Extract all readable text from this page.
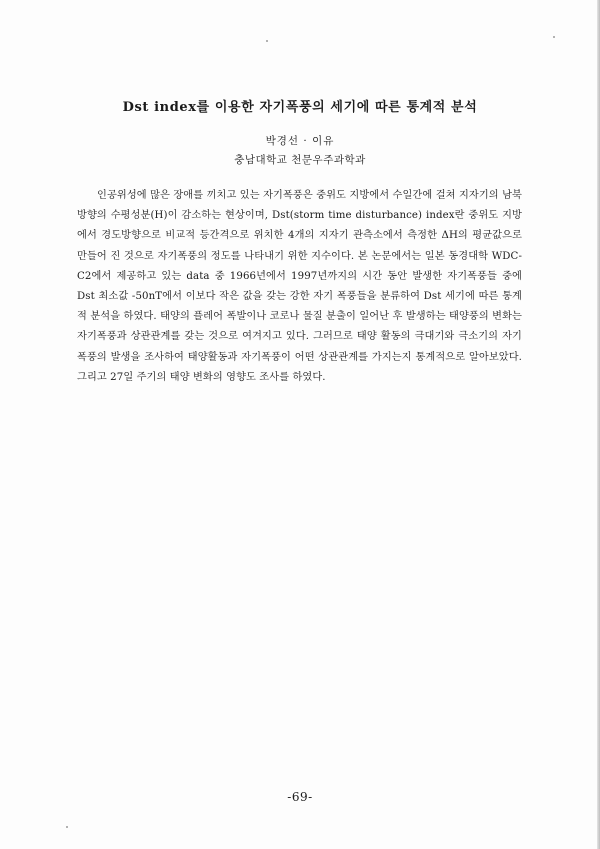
Dst index를 이용한 자기폭풍의 세기에 따른 통계적 분석
박경선 · 이유
충남대학교 천문우주과학과

인공위성에 많은 장애를 끼치고 있는 자기폭풍은 중위도 지방에서 수일간에 걸쳐 지자기의 남북방향의 수평성분(H)이 감소하는 현상이며, Dst(storm time disturbance) index란 중위도 지방에서 경도방향으로 비교적 등간격으로 위치한 4개의 지자기 관측소에서 측정한 ΔH의 평균값으로 만들어 진 것으로 자기폭풍의 정도를 나타내기 위한 지수이다. 본 논문에서는 일본 동경대학 WDC-C2에서 제공하고 있는 data 중 1966년에서 1997년까지의 시간 동안 발생한 자기폭풍들 중에 Dst 최소값 -50nT에서 이보다 작은 값을 갖는 강한 자기 폭풍들을 분류하여 Dst 세기에 따른 통계적 분석을 하였다. 태양의 플레어 폭발이나 코로나 물질 분출이 일어난 후 발생하는 태양풍의 변화는 자기폭풍과 상관관계를 갖는 것으로 여겨지고 있다. 그러므로 태양 활동의 극대기와 극소기의 자기폭풍의 발생을 조사하여 태양활동과 자기폭풍이 어떤 상관관계를 가지는지 통계적으로 알아보았다. 그리고 27일 주기의 태양 변화의 영향도 조사를 하였다.

-69-
